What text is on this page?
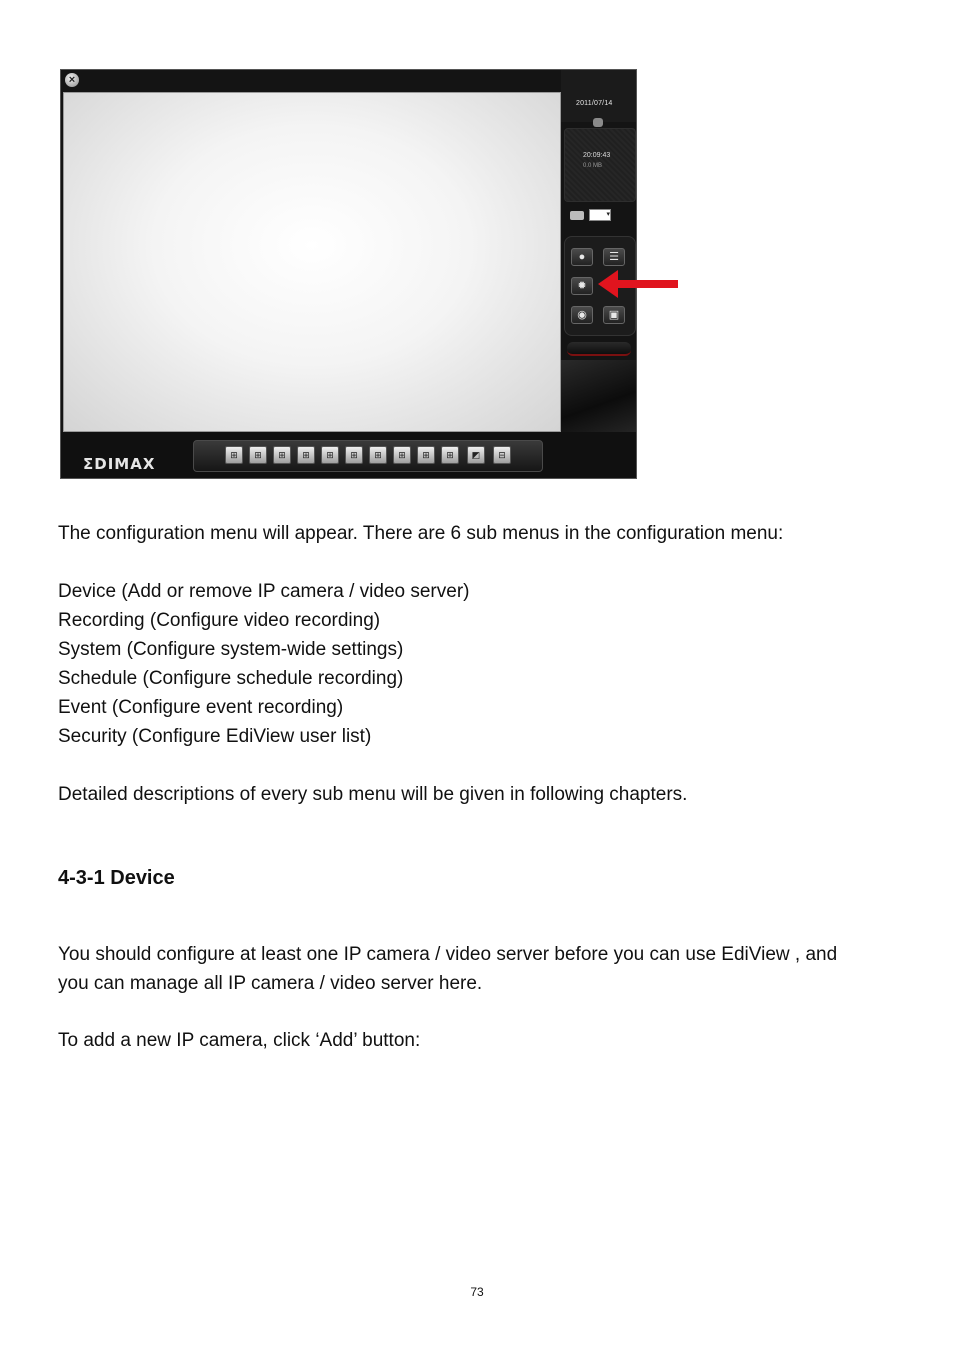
×
2011/07/14
20:09:43
0.0 MB
▾
●	☰
✹
◉	▣
ΣDIMAX	⊞	⊞	⊞	⊞	⊞	⊞	⊞	⊞	⊞	⊞	◩	⊟

The configuration menu will appear. There are 6 sub menus in the configuration menu:

Device (Add or remove IP camera / video server)

Recording (Configure video recording)

System (Configure system-wide settings)

Schedule (Configure schedule recording)

Event (Configure event recording)

Security (Configure EdiView user list)

Detailed descriptions of every sub menu will be given in following chapters.

4-3-1 Device

You should configure at least one IP camera / video server before you can use EdiView , and

you can manage all IP camera / video server here.

To add a new IP camera, click ‘Add’ button:

73
